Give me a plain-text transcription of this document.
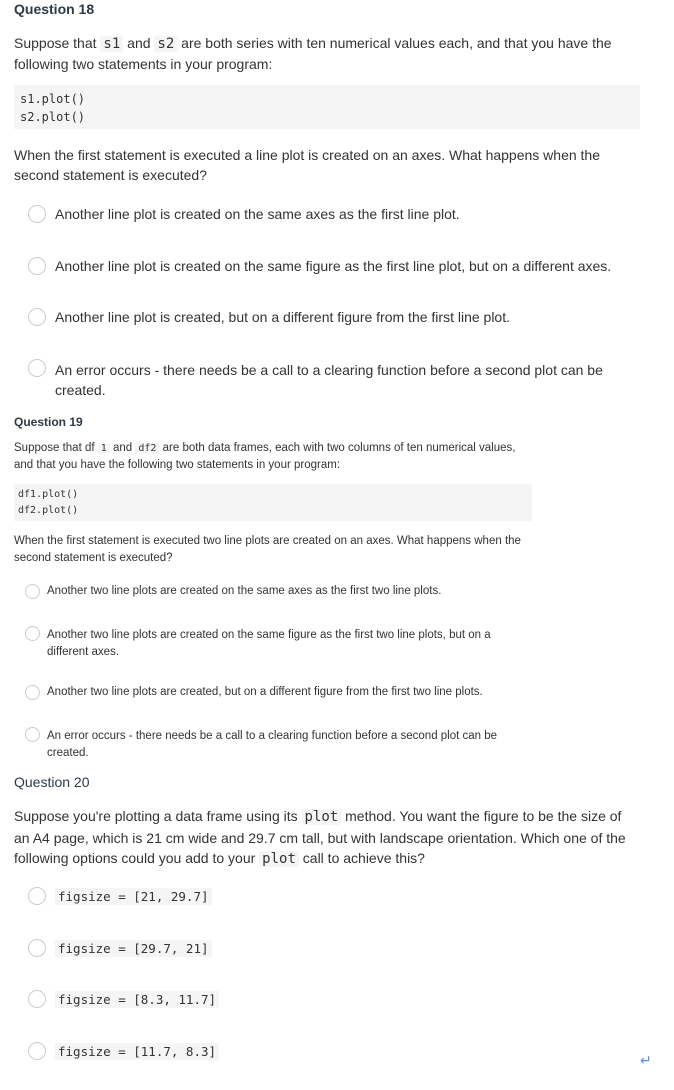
Question 18
Suppose that s1 and s2 are both series with ten numerical values each, and that you have the
following two statements in your program:
s1.plot()
s2.plot()
When the first statement is executed a line plot is created on an axes. What happens when the
second statement is executed?
Another line plot is created on the same axes as the first line plot.
Another line plot is created on the same figure as the first line plot, but on a different axes.
Another line plot is created, but on a different figure from the first line plot.
An error occurs - there needs be a call to a clearing function before a second plot can be
created.
Question 19
Suppose that df 1 and df2 are both data frames, each with two columns of ten numerical values,
and that you have the following two statements in your program:
df1.plot()
df2.plot()
When the first statement is executed two line plots are created on an axes. What happens when the
second statement is executed?
Another two line plots are created on the same axes as the first two line plots.
Another two line plots are created on the same figure as the first two line plots, but on a
different axes.
Another two line plots are created, but on a different figure from the first two line plots.
An error occurs - there needs be a call to a clearing function before a second plot can be
created.
Question 20
Suppose you're plotting a data frame using its plot method. You want the figure to be the size of
an A4 page, which is 21 cm wide and 29.7 cm tall, but with landscape orientation. Which one of the
following options could you add to your plot call to achieve this?
figsize = [21, 29.7]
figsize = [29.7, 21]
figsize = [8.3, 11.7]
figsize = [11.7, 8.3]
↵
